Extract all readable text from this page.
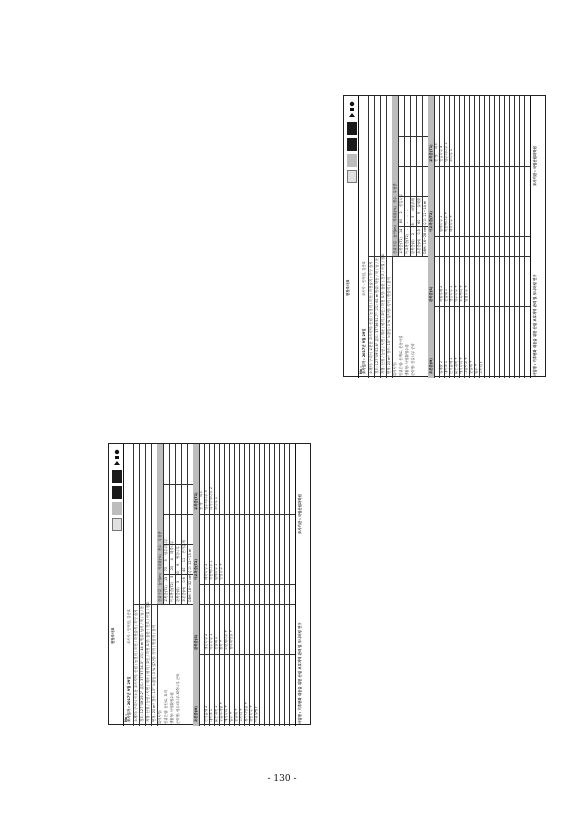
현장조사표
No : 조사일자 : 2017년 9월 29일
조사자 : 안덕임, 김준호 소재지: 구리시 사노동 조사지역: 산림 / 농경지 / 하천 / 하천습지 / 하구 습지 경도: 127°08'29.2" 위도: 37°37'24.3" 고도: 44 m 방위: 남서 / 북 / 남 / 동 지형: 산정 / 능선 / 사면 / 계곡 / 평지 / 호안 / 하천 토양: 습윤 / 건조 / 사질 / 점토 면적: 20 m² 경사: 10° 노출암: 0 % 일사량: 양지 / 반음지 / 음지
층위구분   높이(m)   식피율(%)   종수   우점종
교목층(T1)    15     70     3    상수리나무
아교목층(T2)    5     20     4    때죽나무
관목층(S)    3     30     6    생강나무
초본층(H)    0.6     40     11    큰기름새
DBH: 18~32 cm 수고: 12~15 m
특이사항: 인위간섭: 등산로, 묘지 생활형: 낙엽활엽수림 군락명: 상수리나무-때죽나무 군락
교목층(T1)
아교목층(T2)
관목층(S)
초본층(H)
종 명     피도 상수리나무 3 리기다소나무 2
소나무 1
때죽나무 2 쪽동백나무 1
팥배나무 1
산벚나무 +
생강나무 2
국수나무 1
진달래 1
철쭉 + 노린재나무 +
청미래덩굴 +
큰기름새 2
대사초 1 맑은대쑥 1 주름조개풀 +
애기나리 +
삽주 + 둥굴레 +
고사리 + 청가시덩굴 +
쥐똥나무 +
사위질빵 r	사업명 : 기후변화 대응을 위한 산림 보호지역 관리 및 모니터링 연구
조사기관 : 국립산림과학원
현장조사표
No : 조사일자 : 2017년 9월 29일
조사자 : 안덕임, 김준호 소재지: 구리시 교문동 조사지역: 산림 / 농경지 / 하천 / 하천습지 / 하구 습지 경도: 127°09'02.6" 위도: 37°36'51.7" 고도: 61 m 방위: 북동 / 북 / 남 / 동 지형: 산정 / 능선 / 사면 / 계곡 / 평지 / 호안 / 하천 토양: 습윤 / 건조 / 사질 / 점토 면적: 20 m² 경사: 15° 노출암: 0 % 일사량: 양지 / 반음지 / 음지
층위구분   높이(m)   식피율(%)   종수   우점종
교목층(T1)    14     80     2    신갈나무
아교목층(T2)    -     -     -    -
관목층(S)    2     25     5    쇠물푸레
초본층(H)    0.5     60     9    실새풀 DBH: 16~28 cm 수고: 11~14 m
특이사항: 인위간섭: 산책로, 운동시설 생활형: 낙엽활엽수림 군락명: 신갈나무 군락
교목층(T1)
아교목층(T2)
관목층(S)
초본층(H)
종 명     피도
신갈나무 4 상수리나무 1
소나무 1
팥배나무 1 쪽동백나무 +
때죽나무 +
쇠물푸레 2
진달래 1 생강나무 1
국수나무 +
조록싸리 +
덜꿩나무 +
실새풀 2
대사초 1 큰기름새 1
맑은대쑥 +
애기나리 +
그늘사초 +
둥굴레 +
삽주 + 고사리 r	사업명 : 기후변화 대응을 위한 산림 보호지역 관리 및 모니터링 연구
조사기관 : 국립산림과학원
- 130 -
